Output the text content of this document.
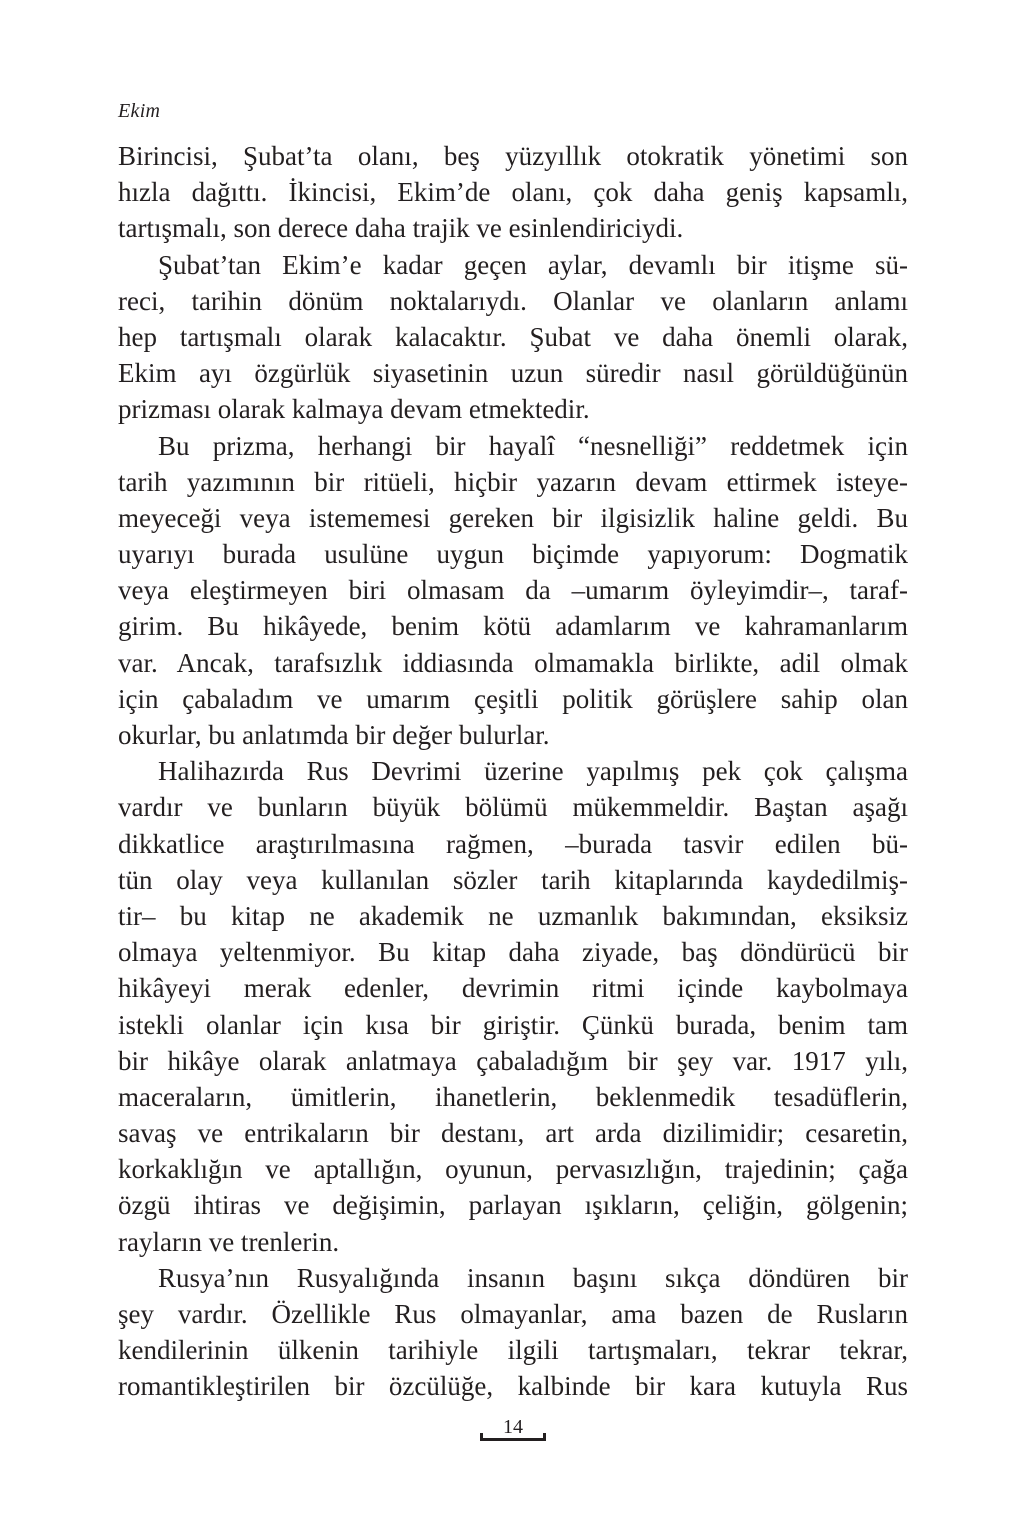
Ekim
Birincisi, Şubat’ta olanı, beş yüzyıllık otokratik yönetimi son
hızla dağıttı. İkincisi, Ekim’de olanı, çok daha geniş kapsamlı,
tartışmalı, son derece daha trajik ve esinlendiriciydi.
Şubat’tan Ekim’e kadar geçen aylar, devamlı bir itişme sü-
reci, tarihin dönüm noktalarıydı. Olanlar ve olanların anlamı
hep tartışmalı olarak kalacaktır. Şubat ve daha önemli olarak,
Ekim ayı özgürlük siyasetinin uzun süredir nasıl görüldüğünün
prizması olarak kalmaya devam etmektedir.
Bu prizma, herhangi bir hayalî “nesnelliği” reddetmek için
tarih yazımının bir ritüeli, hiçbir yazarın devam ettirmek isteye-
meyeceği veya istememesi gereken bir ilgisizlik haline geldi. Bu
uyarıyı burada usulüne uygun biçimde yapıyorum: Dogmatik
veya eleştirmeyen biri olmasam da –umarım öyleyimdir–, taraf-
girim. Bu hikâyede, benim kötü adamlarım ve kahramanlarım
var. Ancak, tarafsızlık iddiasında olmamakla birlikte, adil olmak
için çabaladım ve umarım çeşitli politik görüşlere sahip olan
okurlar, bu anlatımda bir değer bulurlar.
Halihazırda Rus Devrimi üzerine yapılmış pek çok çalışma
vardır ve bunların büyük bölümü mükemmeldir. Baştan aşağı
dikkatlice araştırılmasına rağmen, –burada tasvir edilen bü-
tün olay veya kullanılan sözler tarih kitaplarında kaydedilmiş-
tir– bu kitap ne akademik ne uzmanlık bakımından, eksiksiz
olmaya yeltenmiyor. Bu kitap daha ziyade, baş döndürücü bir
hikâyeyi merak edenler, devrimin ritmi içinde kaybolmaya
istekli olanlar için kısa bir giriştir. Çünkü burada, benim tam
bir hikâye olarak anlatmaya çabaladığım bir şey var. 1917 yılı,
maceraların, ümitlerin, ihanetlerin, beklenmedik tesadüflerin,
savaş ve entrikaların bir destanı, art arda dizilimidir; cesaretin,
korkaklığın ve aptallığın, oyunun, pervasızlığın, trajedinin; çağa
özgü ihtiras ve değişimin, parlayan ışıkların, çeliğin, gölgenin;
rayların ve trenlerin.
Rusya’nın Rusyalığında insanın başını sıkça döndüren bir
şey vardır. Özellikle Rus olmayanlar, ama bazen de Rusların
kendilerinin ülkenin tarihiyle ilgili tartışmaları, tekrar tekrar,
romantikleştirilen bir özcülüğe, kalbinde bir kara kutuyla Rus
14
